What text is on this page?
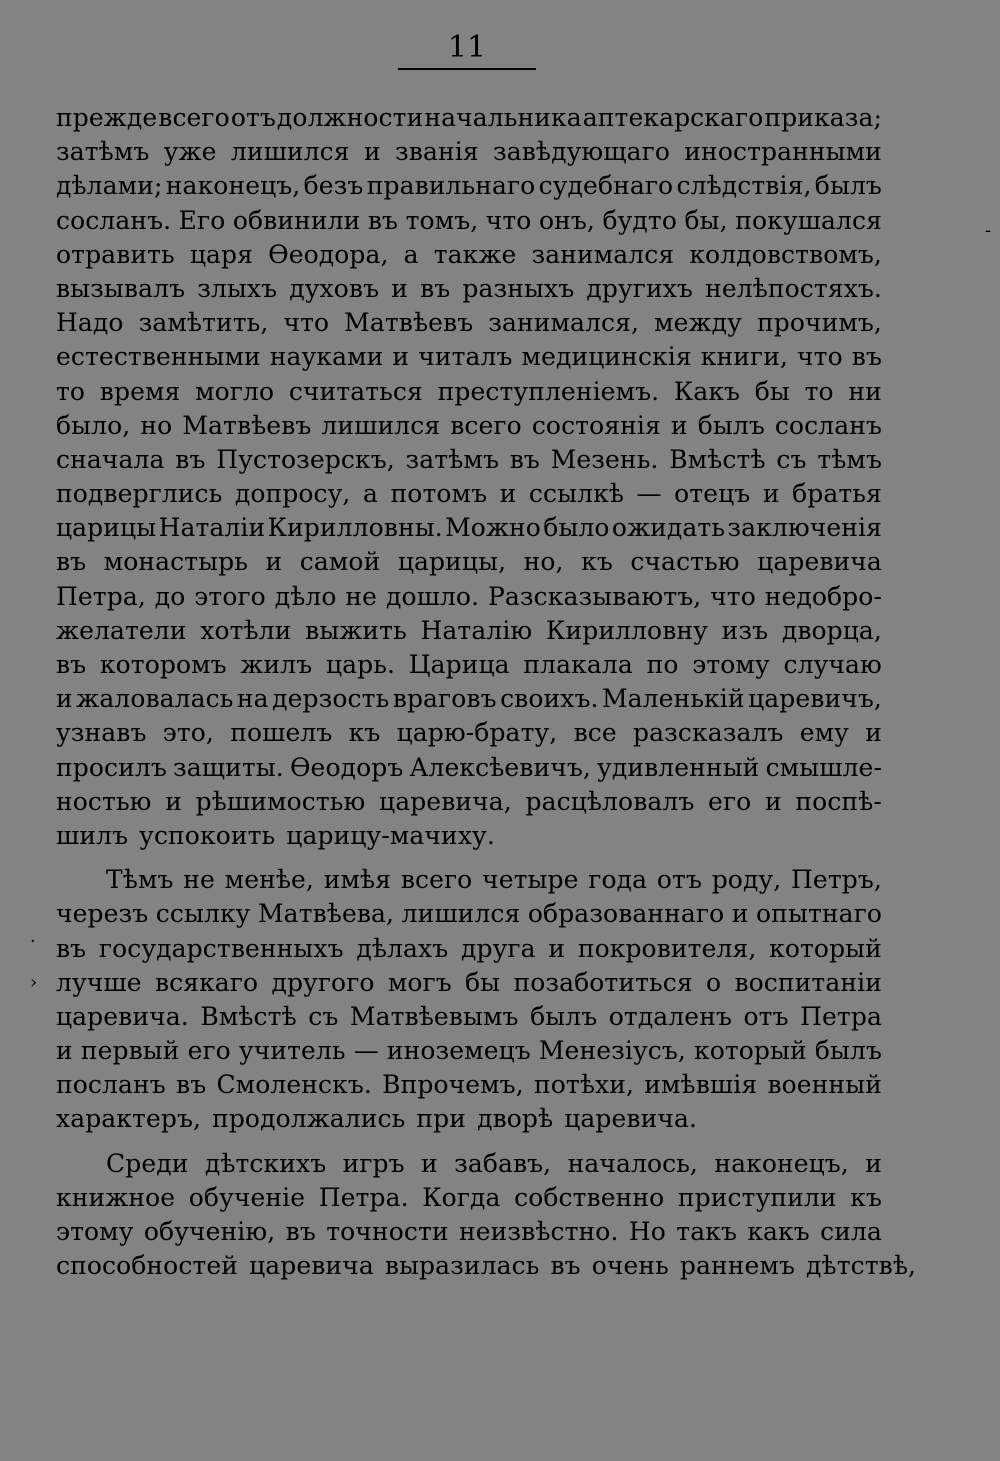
11
-
·
›
прежде всего отъ должности начальника аптекарскаго приказа;
затѣмъ уже лишился и званія завѣдующаго иностранными
дѣлами; наконецъ, безъ правильнаго судебнаго слѣдствія, былъ
сосланъ. Его обвинили въ томъ, что онъ, будто бы, покушался
отравить царя Ѳеодора, а также занимался колдовствомъ,
вызывалъ злыхъ духовъ и въ разныхъ другихъ нелѣпостяхъ.
Надо замѣтить, что Матвѣевъ занимался, между прочимъ,
естественными науками и читалъ медицинскія книги, что въ
то время могло считаться преступленіемъ. Какъ бы то ни
было, но Матвѣевъ лишился всего состоянія и былъ сосланъ
сначала въ Пустозерскъ, затѣмъ въ Мезень. Вмѣстѣ съ тѣмъ
подверглись допросу, а потомъ и ссылкѣ — отецъ и братья
царицы Наталіи Кирилловны. Можно было ожидать заключенія
въ монастырь и самой царицы, но, къ счастью царевича
Петра, до этого дѣло не дошло. Разсказываютъ, что недобро-
желатели хотѣли выжить Наталію Кирилловну изъ дворца,
въ которомъ жилъ царь. Царица плакала по этому случаю
и жаловалась на дерзость враговъ своихъ. Маленькій царевичъ,
узнавъ это, пошелъ къ царю-брату, все разсказалъ ему и
просилъ защиты. Ѳеодоръ Алексѣевичъ, удивленный смышле-
ностью и рѣшимостью царевича, расцѣловалъ его и поспѣ-
шилъ успокоить царицу-мачиху.
Тѣмъ не менѣе, имѣя всего четыре года отъ роду, Петръ,
черезъ ссылку Матвѣева, лишился образованнаго и опытнаго
въ государственныхъ дѣлахъ друга и покровителя, который
лучше всякаго другого могъ бы позаботиться о воспитаніи
царевича. Вмѣстѣ съ Матвѣевымъ былъ отдаленъ отъ Петра
и первый его учитель — иноземецъ Менезіусъ, который былъ
посланъ въ Смоленскъ. Впрочемъ, потѣхи, имѣвшія военный
характеръ, продолжались при дворѣ царевича.
Среди дѣтскихъ игръ и забавъ, началось, наконецъ, и
книжное обученіе Петра. Когда собственно приступили къ
этому обученію, въ точности неизвѣстно. Но такъ какъ сила
способностей царевича выразилась въ очень раннемъ дѣтствѣ,
